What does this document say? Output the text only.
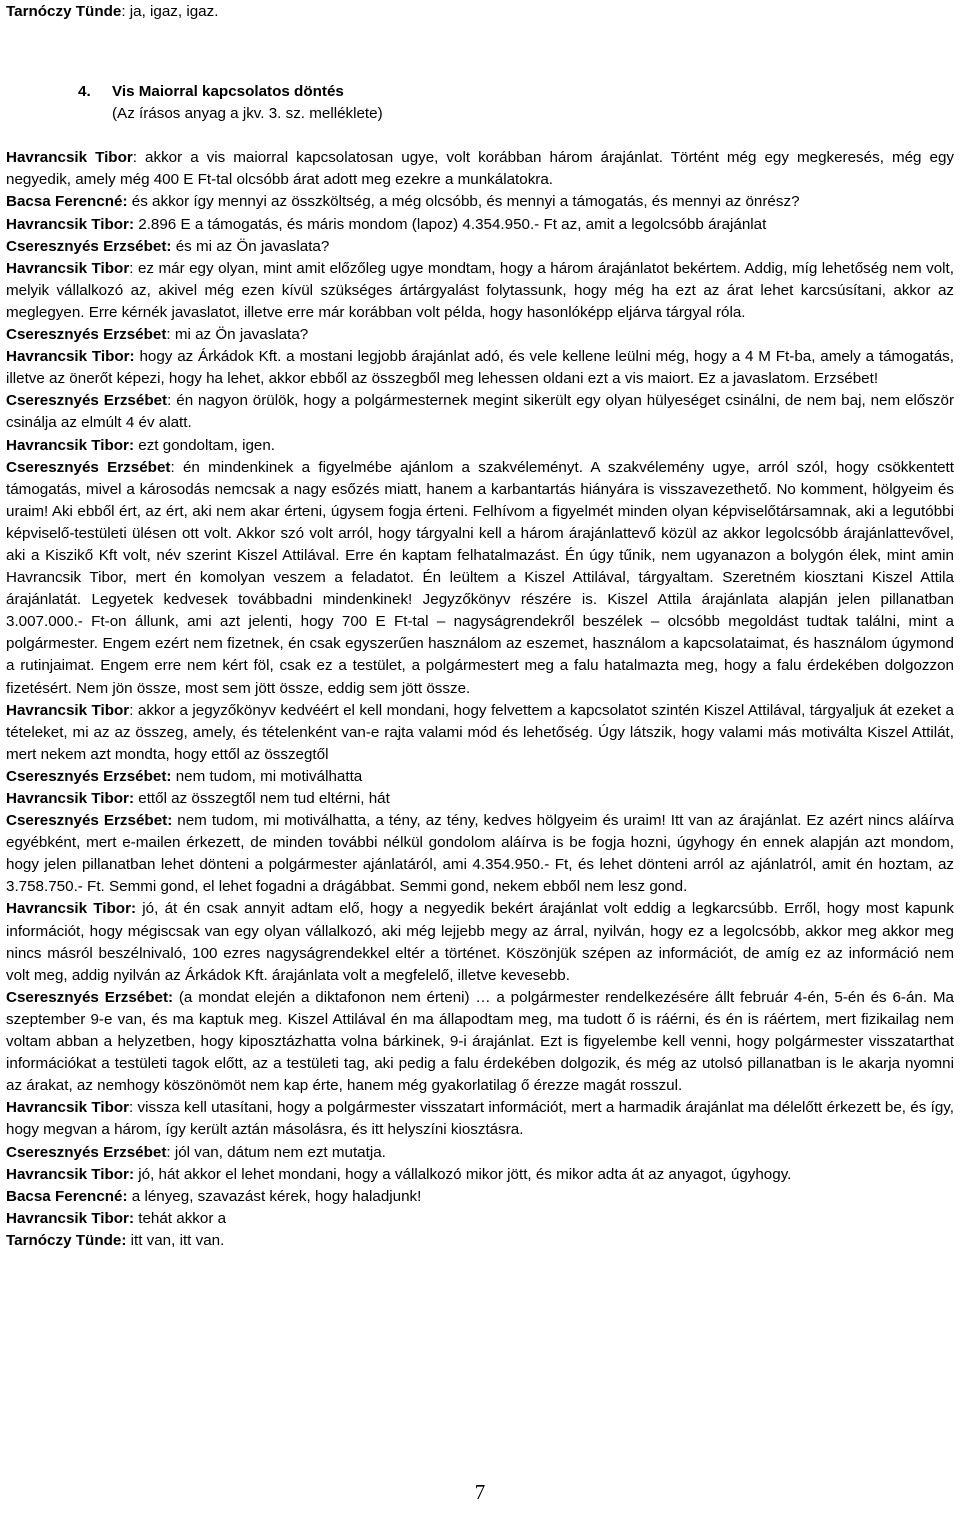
Tarnóczy Tünde: ja, igaz, igaz.

4. Vis Maiorral kapcsolatos döntés
(Az írásos anyag a jkv. 3. sz. melléklete)

Havrancsik Tibor: akkor a vis maiorral kapcsolatosan ugye, volt korábban három árajánlat. Történt még egy megkeresés, még egy negyedik, amely még 400 E Ft-tal olcsóbb árat adott meg ezekre a munkálatokra.

Bacsa Ferencné: és akkor így mennyi az összköltség, a még olcsóbb, és mennyi a támogatás, és mennyi az önrész?

Havrancsik Tibor: 2.896 E a támogatás, és máris mondom (lapoz) 4.354.950.- Ft az, amit a legolcsóbb árajánlat

Cseresznyés Erzsébet: és mi az Ön javaslata?

Havrancsik Tibor: ez már egy olyan, mint amit előzőleg ugye mondtam, hogy a három árajánlatot bekértem. Addig, míg lehetőség nem volt, melyik vállalkozó az, akivel még ezen kívül szükséges ártárgyalást folytassunk, hogy még ha ezt az árat lehet karcsúsítani, akkor az meglegyen. Erre kérnék javaslatot, illetve erre már korábban volt példa, hogy hasonlóképp eljárva tárgyal róla.

Cseresznyés Erzsébet: mi az Ön javaslata?

Havrancsik Tibor: hogy az Árkádok Kft. a mostani legjobb árajánlat adó, és vele kellene leülni még, hogy a 4 M Ft-ba, amely a támogatás, illetve az önerőt képezi, hogy ha lehet, akkor ebből az összegből meg lehessen oldani ezt a vis maiort. Ez a javaslatom. Erzsébet!

Cseresznyés Erzsébet: én nagyon örülök, hogy a polgármesternek megint sikerült egy olyan hülyeséget csinálni, de nem baj, nem először csinálja az elmúlt 4 év alatt.

Havrancsik Tibor: ezt gondoltam, igen.

Cseresznyés Erzsébet: én mindenkinek a figyelmébe ajánlom a szakvéleményt. A szakvélemény ugye, arról szól, hogy csökkentett támogatás, mivel a károsodás nemcsak a nagy esőzés miatt, hanem a karbantartás hiányára is visszavezethető. No komment, hölgyeim és uraim! Aki ebből ért, az ért, aki nem akar érteni, úgysem fogja érteni. Felhívom a figyelmét minden olyan képviselőtársamnak, aki a legutóbbi képviselő-testületi ülésen ott volt. Akkor szó volt arról, hogy tárgyalni kell a három árajánlattevő közül az akkor legolcsóbb árajánlattevővel, aki a Kiszikő Kft volt, név szerint Kiszel Attilával. Erre én kaptam felhatalmazást. Én úgy tűnik, nem ugyanazon a bolygón élek, mint amin Havrancsik Tibor, mert én komolyan veszem a feladatot. Én leültem a Kiszel Attilával, tárgyaltam. Szeretném kiosztani Kiszel Attila árajánlatát. Legyetek kedvesek továbbadni mindenkinek! Jegyzőkönyv részére is. Kiszel Attila árajánlata alapján jelen pillanatban 3.007.000.- Ft-on állunk, ami azt jelenti, hogy 700 E Ft-tal – nagyságrendekről beszélek – olcsóbb megoldást tudtak találni, mint a polgármester. Engem ezért nem fizetnek, én csak egyszerűen használom az eszemet, használom a kapcsolataimat, és használom úgymond a rutinjaimat. Engem erre nem kért föl, csak ez a testület, a polgármestert meg a falu hatalmazta meg, hogy a falu érdekében dolgozzon fizetésért. Nem jön össze, most sem jött össze, eddig sem jött össze.

Havrancsik Tibor: akkor a jegyzőkönyv kedvéért el kell mondani, hogy felvettem a kapcsolatot szintén Kiszel Attilával, tárgyaljuk át ezeket a tételeket, mi az az összeg, amely, és tételenként van-e rajta valami mód és lehetőség. Úgy látszik, hogy valami más motiválta Kiszel Attilát, mert nekem azt mondta, hogy ettől az összegtől

Cseresznyés Erzsébet: nem tudom, mi motiválhatta

Havrancsik Tibor: ettől az összegtől nem tud eltérni, hát

Cseresznyés Erzsébet: nem tudom, mi motiválhatta, a tény, az tény, kedves hölgyeim és uraim! Itt van az árajánlat. Ez azért nincs aláírva egyébként, mert e-mailen érkezett, de minden további nélkül gondolom aláírva is be fogja hozni, úgyhogy én ennek alapján azt mondom, hogy jelen pillanatban lehet dönteni a polgármester ajánlatáról, ami 4.354.950.- Ft, és lehet dönteni arról az ajánlatról, amit én hoztam, az 3.758.750.- Ft. Semmi gond, el lehet fogadni a drágábbat. Semmi gond, nekem ebből nem lesz gond.

Havrancsik Tibor: jó, át én csak annyit adtam elő, hogy a negyedik bekért árajánlat volt eddig a legkarcsúbb. Erről, hogy most kapunk információt, hogy mégiscsak van egy olyan vállalkozó, aki még lejjebb megy az árral, nyilván, hogy ez a legolcsóbb, akkor meg akkor meg nincs másról beszélnivaló, 100 ezres nagyságrendekkel eltér a történet. Köszönjük szépen az információt, de amíg ez az információ nem volt meg, addig nyilván az Árkádok Kft. árajánlata volt a megfelelő, illetve kevesebb.

Cseresznyés Erzsébet: (a mondat elején a diktafonon nem érteni) … a polgármester rendelkezésére állt február 4-én, 5-én és 6-án. Ma szeptember 9-e van, és ma kaptuk meg. Kiszel Attilával én ma állapodtam meg, ma tudott ő is ráérni, és én is ráértem, mert fizikailag nem voltam abban a helyzetben, hogy kiposztázhatta volna bárkinek, 9-i árajánlat. Ezt is figyelembe kell venni, hogy polgármester visszatarthat információkat a testületi tagok előtt, az a testületi tag, aki pedig a falu érdekében dolgozik, és még az utolsó pillanatban is le akarja nyomni az árakat, az nemhogy köszönömöt nem kap érte, hanem még gyakorlatilag ő érezze magát rosszul.

Havrancsik Tibor: vissza kell utasítani, hogy a polgármester visszatart információt, mert a harmadik árajánlat ma délelőtt érkezett be, és így, hogy megvan a három, így került aztán másolásra, és itt helyszíni kiosztásra.

Cseresznyés Erzsébet: jól van, dátum nem ezt mutatja.

Havrancsik Tibor: jó, hát akkor el lehet mondani, hogy a vállalkozó mikor jött, és mikor adta át az anyagot, úgyhogy.

Bacsa Ferencné: a lényeg, szavazást kérek, hogy haladjunk!

Havrancsik Tibor: tehát akkor a

Tarnóczy Tünde: itt van, itt van.

7
